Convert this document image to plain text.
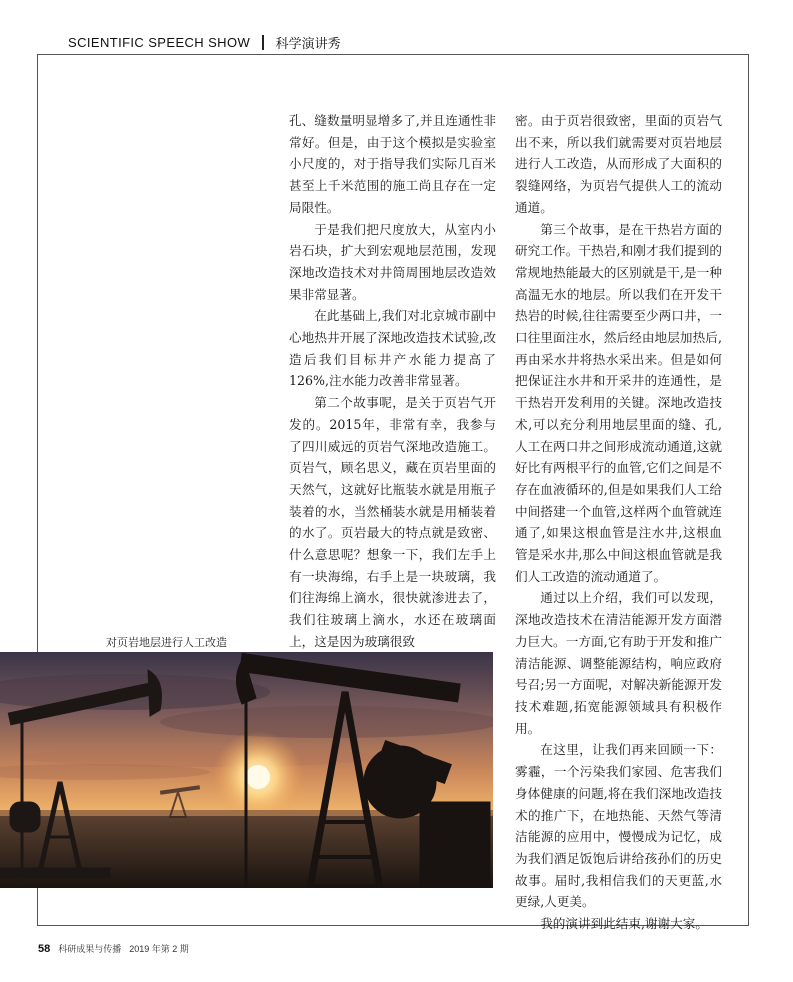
SCIENTIFIC SPEECH SHOW 科学演讲秀

孔、缝数量明显增多了,并且连通性非常好。但是，由于这个模拟是实验室小尺度的，对于指导我们实际几百米甚至上千米范围的施工尚且存在一定局限性。

于是我们把尺度放大，从室内小岩石块，扩大到宏观地层范围，发现深地改造技术对井筒周围地层改造效果非常显著。

在此基础上,我们对北京城市副中心地热井开展了深地改造技术试验,改造后我们目标井产水能力提高了126%,注水能力改善非常显著。

第二个故事呢，是关于页岩气开发的。2015年，非常有幸，我参与了四川威远的页岩气深地改造施工。页岩气，顾名思义，藏在页岩里面的天然气，这就好比瓶装水就是用瓶子装着的水，当然桶装水就是用桶装着的水了。页岩最大的特点就是致密、什么意思呢？想象一下，我们左手上有一块海绵，右手上是一块玻璃，我们往海绵上滴水，很快就渗进去了，我们往玻璃上滴水，水还在玻璃面上，这是因为玻璃很致

密。由于页岩很致密，里面的页岩气出不来，所以我们就需要对页岩地层进行人工改造，从而形成了大面积的裂缝网络，为页岩气提供人工的流动通道。

第三个故事，是在干热岩方面的研究工作。干热岩,和刚才我们提到的常规地热能最大的区别就是干,是一种高温无水的地层。所以我们在开发干热岩的时候,往往需要至少两口井，一口往里面注水，然后经由地层加热后,再由采水井将热水采出来。但是如何把保证注水井和开采井的连通性，是干热岩开发利用的关键。深地改造技术,可以充分利用地层里面的缝、孔,人工在两口井之间形成流动通道,这就好比有两根平行的血管,它们之间是不存在血液循环的,但是如果我们人工给中间搭建一个血管,这样两个血管就连通了,如果这根血管是注水井,这根血管是采水井,那么中间这根血管就是我们人工改造的流动通道了。

通过以上介绍，我们可以发现，深地改造技术在清洁能源开发方面潜力巨大。一方面,它有助于开发和推广清洁能源、调整能源结构，响应政府号召;另一方面呢，对解决新能源开发技术难题,拓宽能源领域具有积极作用。

在这里，让我们再来回顾一下：雾霾，一个污染我们家园、危害我们身体健康的问题,将在我们深地改造技术的推广下，在地热能、天然气等清洁能源的应用中，慢慢成为记忆，成为我们酒足饭饱后讲给孩孙们的历史故事。届时,我相信我们的天更蓝,水更绿,人更美。

我的演讲到此结束,谢谢大家。

对页岩地层进行人工改造
58 科研成果与传播 2019 年第 2 期
